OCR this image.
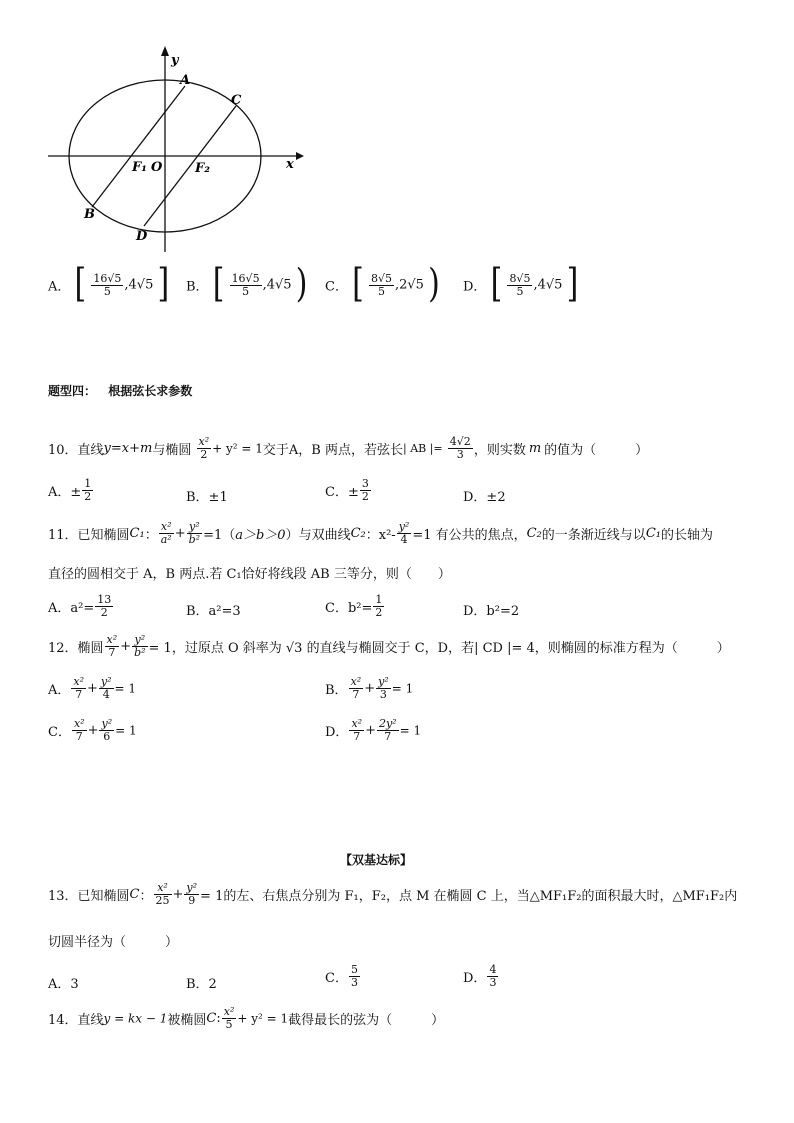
y
x
A
C
F₁ O	F₂
B
D
A． [ $\frac{16√5}{5} ,4√5$ ] B． [ $\frac{16√5}{5} ,4√5$ ) C． [ $\frac{8√5}{5} ,2√5$ ) D． [ $\frac{8√5}{5} ,4√5$ ]
题型四： 根据弦长求参数
10．直线y=x+m与椭圆 $\frac{\text{x²}}{2} + y^2 = 1$交于A，B 两点，若弦长| AB |= $\frac{4√2}{3}$ ，则实数 m 的值为（　　　）
A．± $\frac{1}{2}$	B．±1	C．± $\frac{3}{2}$	D．±2
11．已知椭圆C₁： $\frac{\text{x²}}{\text{a²}} + \frac{\text{y²}}{\text{b²}} =1(a>b>0)$与双曲线C₂：$x^2- \frac{\text{y²}}{4} =1$ 有公共的焦点，C₂的一条渐近线与以C₁的长轴为
直径的圆相交于 A，B 两点.若 C₁恰好将线段 AB 三等分，则（　　）
A．$a^2= \frac{13}{2}$	B．a²=3	C．$b^2= \frac{1}{2}$	D．b²=2
12．椭圆 $\frac{\text{x²}}{7} + \frac{\text{y²}}{\text{b²}} = 1$，过原点 O 斜率为 √3 的直线与椭圆交于 C，D，若| CD |= 4，则椭圆的标准方程为（　　　）
A． $\frac{\text{x²}}{7} + \frac{\text{y²}}{4} = 1$	B． $\frac{\text{x²}}{7} + \frac{\text{y²}}{3} = 1$
C． $\frac{\text{x²}}{7} + \frac{\text{y²}}{6} = 1$	D． $\frac{\text{x²}}{7} + \frac{\text{2y²}}{7} = 1$
【双基达标】
13．已知椭圆C： $\frac{\text{x²}}{25} + \frac{\text{y²}}{9} = 1$的左、右焦点分别为 F₁，F₂，点 M 在椭圆 C 上，当△MF₁F₂的面积最大时，△MF₁F₂内
切圆半径为（　　　）
A．3	B．2	C． $\frac{5}{3}$	D． $\frac{4}{3}$
14．直线y = kx − 1被椭圆C: $\frac{\text{x²}}{5} + y^2 = 1$截得最长的弦为（　　　）
